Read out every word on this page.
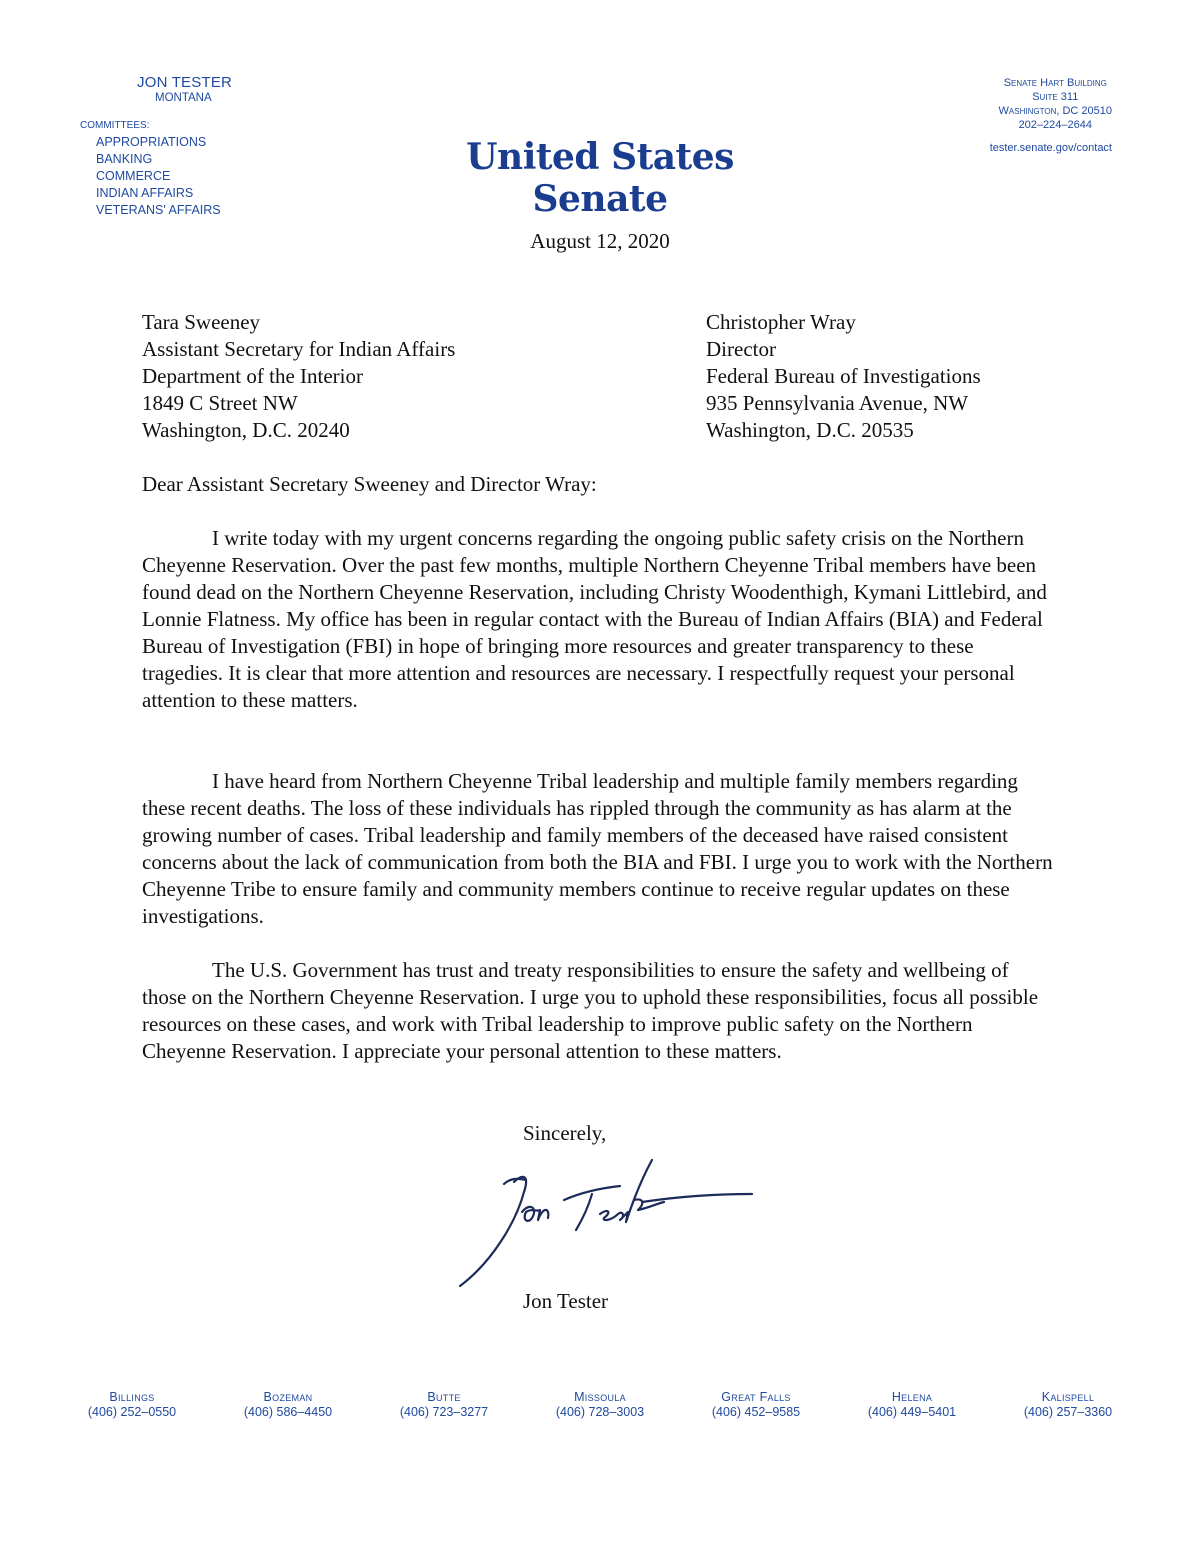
JON TESTER
MONTANA
COMMITTEES:
APPROPRIATIONS
BANKING
COMMERCE
INDIAN AFFAIRS
VETERANS' AFFAIRS
United States Senate
Senate Hart Building
Suite 311
Washington, DC 20510
202–224–2644
tester.senate.gov/contact
August 12, 2020
Tara Sweeney
Assistant Secretary for Indian Affairs
Department of the Interior
1849 C Street NW
Washington, D.C. 20240
Christopher Wray
Director
Federal Bureau of Investigations
935 Pennsylvania Avenue, NW
Washington, D.C. 20535
Dear Assistant Secretary Sweeney and Director Wray:

I write today with my urgent concerns regarding the ongoing public safety crisis on the Northern Cheyenne Reservation. Over the past few months, multiple Northern Cheyenne Tribal members have been found dead on the Northern Cheyenne Reservation, including Christy Woodenthigh, Kymani Littlebird, and Lonnie Flatness. My office has been in regular contact with the Bureau of Indian Affairs (BIA) and Federal Bureau of Investigation (FBI) in hope of bringing more resources and greater transparency to these tragedies. It is clear that more attention and resources are necessary. I respectfully request your personal attention to these matters.

I have heard from Northern Cheyenne Tribal leadership and multiple family members regarding these recent deaths. The loss of these individuals has rippled through the community as has alarm at the growing number of cases. Tribal leadership and family members of the deceased have raised consistent concerns about the lack of communication from both the BIA and FBI. I urge you to work with the Northern Cheyenne Tribe to ensure family and community members continue to receive regular updates on these investigations.

The U.S. Government has trust and treaty responsibilities to ensure the safety and wellbeing of those on the Northern Cheyenne Reservation. I urge you to uphold these responsibilities, focus all possible resources on these cases, and work with Tribal leadership to improve public safety on the Northern Cheyenne Reservation. I appreciate your personal attention to these matters.

Sincerely,
Jon Tester
Billings
(406) 252–0550
Bozeman
(406) 586–4450
Butte
(406) 723–3277
Missoula
(406) 728–3003
Great Falls
(406) 452–9585
Helena
(406) 449–5401
Kalispell
(406) 257–3360
